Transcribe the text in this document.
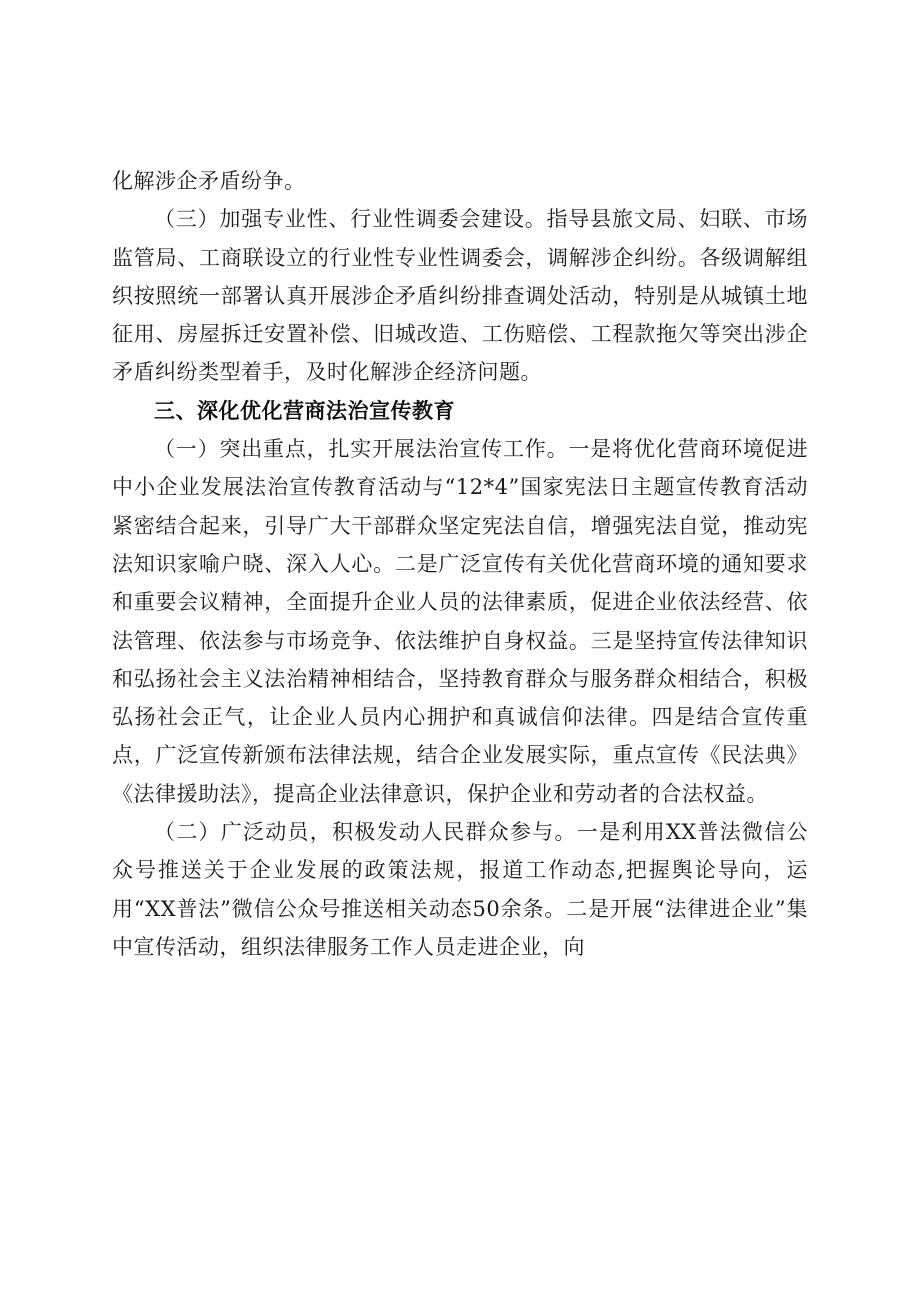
化解涉企矛盾纷争。

（三）加强专业性、行业性调委会建设。指导县旅文局、妇联、市场监管局、工商联设立的行业性专业性调委会，调解涉企纠纷。各级调解组织按照统一部署认真开展涉企矛盾纠纷排查调处活动，特别是从城镇土地征用、房屋拆迁安置补偿、旧城改造、工伤赔偿、工程款拖欠等突出涉企矛盾纠纷类型着手，及时化解涉企经济问题。

三、深化优化营商法治宣传教育

（一）突出重点，扎实开展法治宣传工作。一是将优化营商环境促进中小企业发展法治宣传教育活动与“12*4”国家宪法日主题宣传教育活动紧密结合起来，引导广大干部群众坚定宪法自信，增强宪法自觉，推动宪法知识家喻户晓、深入人心。二是广泛宣传有关优化营商环境的通知要求和重要会议精神，全面提升企业人员的法律素质，促进企业依法经营、依法管理、依法参与市场竞争、依法维护自身权益。三是坚持宣传法律知识和弘扬社会主义法治精神相结合，坚持教育群众与服务群众相结合，积极弘扬社会正气，让企业人员内心拥护和真诚信仰法律。四是结合宣传重点，广泛宣传新颁布法律法规，结合企业发展实际，重点宣传《民法典》《法律援助法》，提高企业法律意识，保护企业和劳动者的合法权益。

（二）广泛动员，积极发动人民群众参与。一是利用XX普法微信公众号推送关于企业发展的政策法规，报道工作动态,把握舆论导向，运用“XX普法”微信公众号推送相关动态50余条。二是开展“法律进企业”集中宣传活动，组织法律服务工作人员走进企业，向
